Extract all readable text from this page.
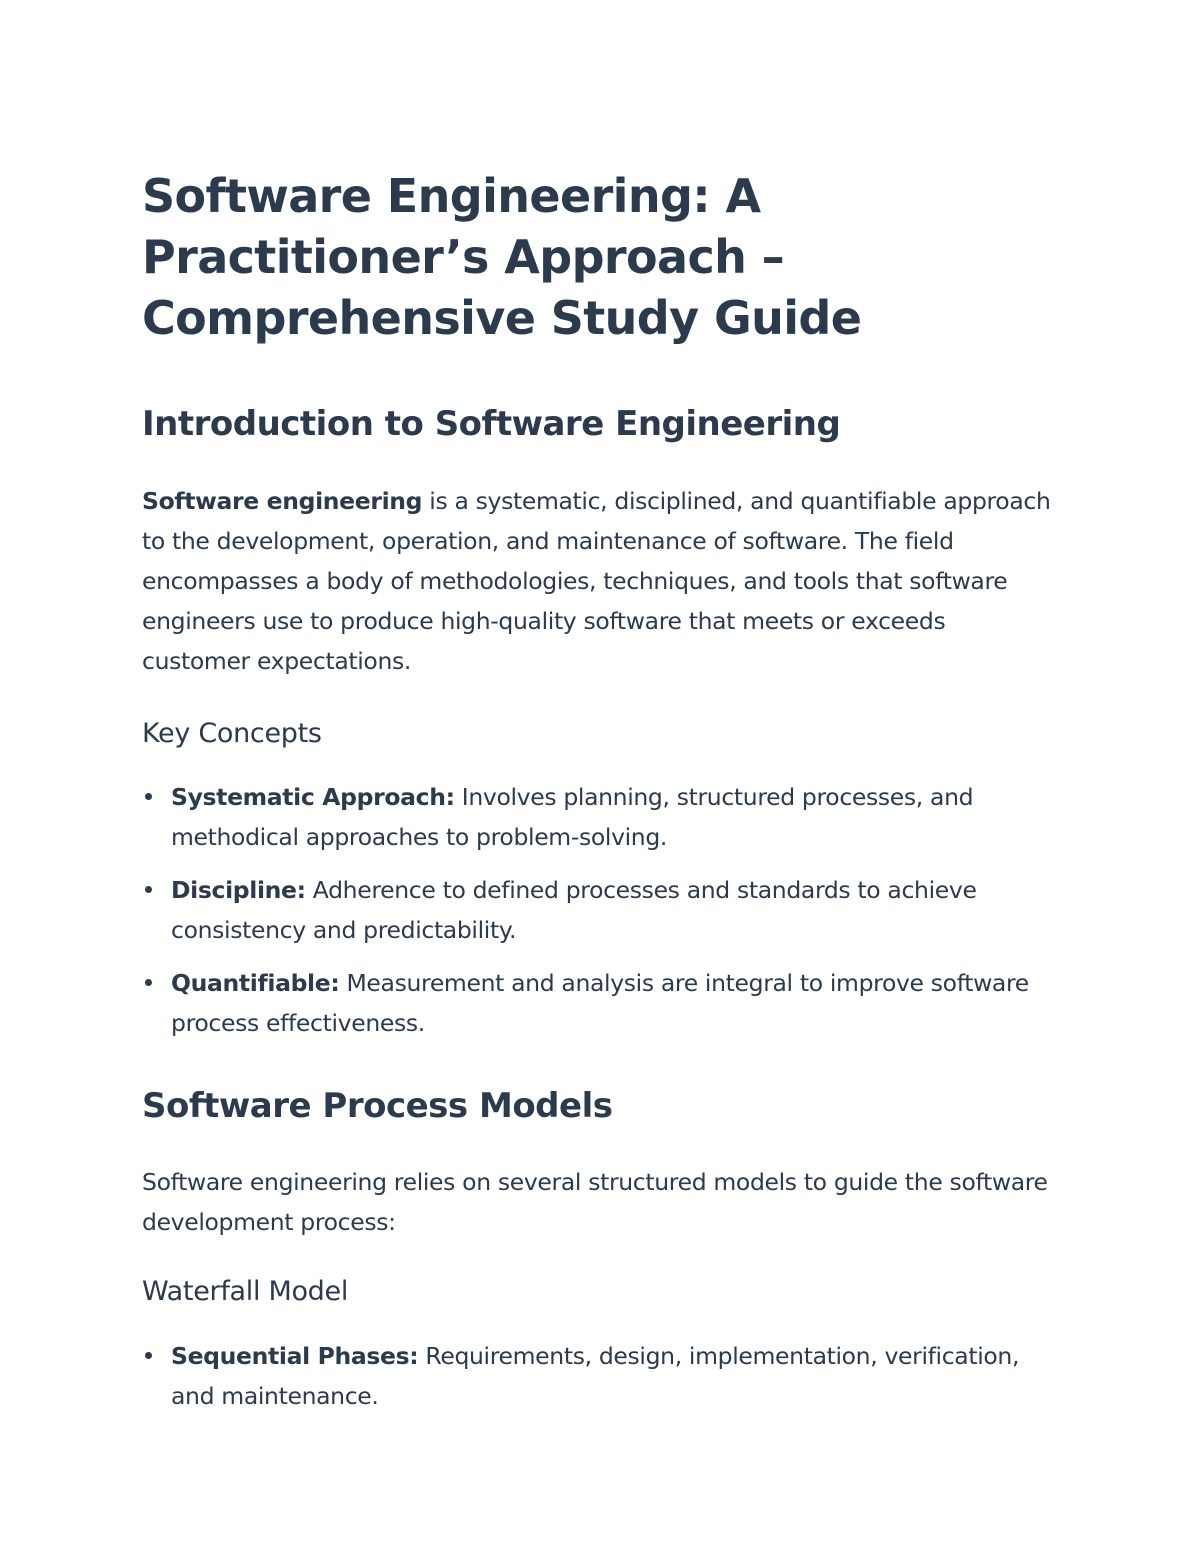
Software Engineering: A Practitioner’s Approach – Comprehensive Study Guide
Introduction to Software Engineering

Software engineering is a systematic, disciplined, and quantifiable approach to the development, operation, and maintenance of software. The field encompasses a body of methodologies, techniques, and tools that software engineers use to produce high-quality software that meets or exceeds customer expectations.

Key Concepts
Systematic Approach: Involves planning, structured processes, and methodical approaches to problem-solving.
Discipline: Adherence to defined processes and standards to achieve consistency and predictability.
Quantifiable: Measurement and analysis are integral to improve software process effectiveness.
Software Process Models

Software engineering relies on several structured models to guide the software development process:

Waterfall Model
Sequential Phases: Requirements, design, implementation, verification, and maintenance.
